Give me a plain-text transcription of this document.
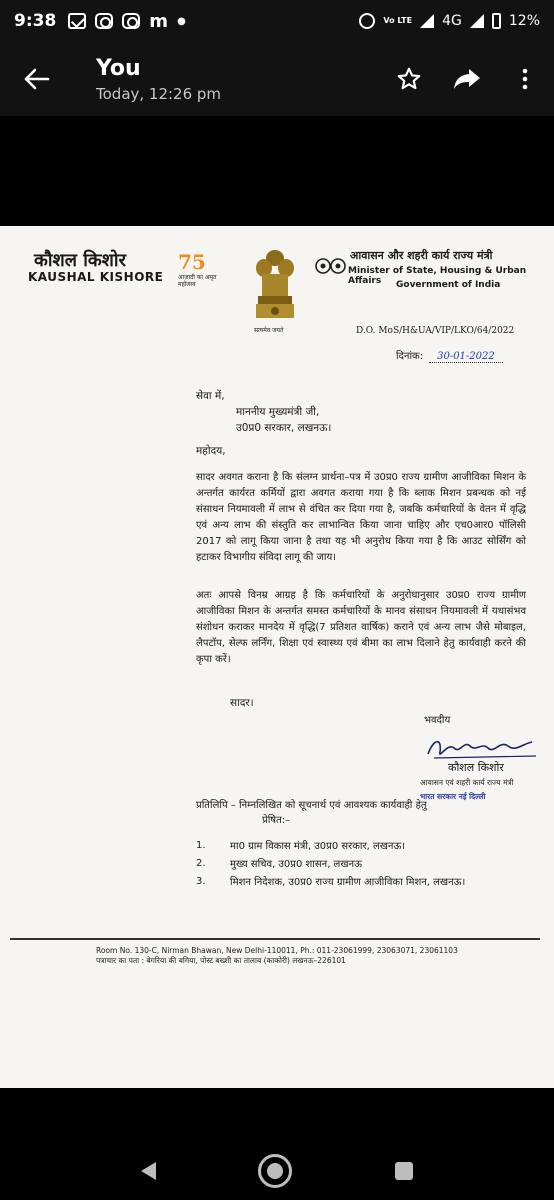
9:38	m ●	Vo LTE 4G	12%
You
Today, 12:26 pm
कौशल किशोर
KAUSHAL KISHORE
75
आज़ादी का अमृत महोत्सव
सत्यमेव जयते
आवासन और शहरी कार्य राज्य मंत्री
Minister of State, Housing & Urban Affairs	Government of India
D.O. MoS/H&UA/VIP/LKO/64/2022
दिनांक:	30-01-2022
सेवा में,
माननीय मुख्यमंत्री जी,
उ0प्र0 सरकार, लखनऊ।
महोदय,
सादर अवगत कराना है कि संलग्न प्रार्थना–पत्र में उ0प्र0 राज्य ग्रामीण आजीविका मिशन के अन्तर्गत कार्यरत कर्मियों द्वारा अवगत कराया गया है कि ब्लाक मिशन प्रबन्धक को नई संसाधन नियमावली में लाभ से वंचित कर दिया गया है, जबकि कर्मचारियों के वेतन में वृद्धि एवं अन्य लाभ की संस्तुति कर लाभान्वित किया जाना चाहिए और एच0आर0 पॉलिसी 2017 को लागू किया जाना है तथा यह भी अनुरोध किया गया है कि आउट सोर्सिंग को हटाकर विभागीय संविदा लागू की जाय।
अतः आपसे विनम्र आग्रह है कि कर्मचारियों के अनुरोधानुसार उ0प्र0 राज्य ग्रामीण आजीविका मिशन के अन्तर्गत समस्त कर्मचारियों के मानव संसाधन नियमावली में यथासंभव संशोधन कराकर मानदेय में वृद्धि(7 प्रतिशत वार्षिक) कराने एवं अन्य लाभ जैसे मोबाइल, लैपटॉप, सेल्फ लर्निंग, शिक्षा एवं स्वास्थ्य एवं बीमा का लाभ दिलाने हेतु कार्यवाही करने की कृपा करें।
सादर।
भवदीय
कौशल किशोर
आवासन एवं शहरी कार्य राज्य मंत्री
भारत सरकार नई दिल्ली
प्रतिलिपि – निम्नलिखित को सूचनार्थ एवं आवश्यक कार्यवाही हेतु
प्रेषित:–
1.	मा0 ग्राम विकास मंत्री, उ0प्र0 सरकार, लखनऊ।
2.	मुख्य सचिव, उ0प्र0 शासन, लखनऊ
3.	मिशन निदेशक, उ0प्र0 राज्य ग्रामीण आजीविका मिशन, लखनऊ।
Room No. 130-C, Nirman Bhawan, New Delhi-110011, Ph.: 011-23061999, 23063071, 23061103
पत्राचार का पता : बेगरिया की बगिया, पोस्ट बख्शी का तालाब (काकोरी) लखनऊ–226101
